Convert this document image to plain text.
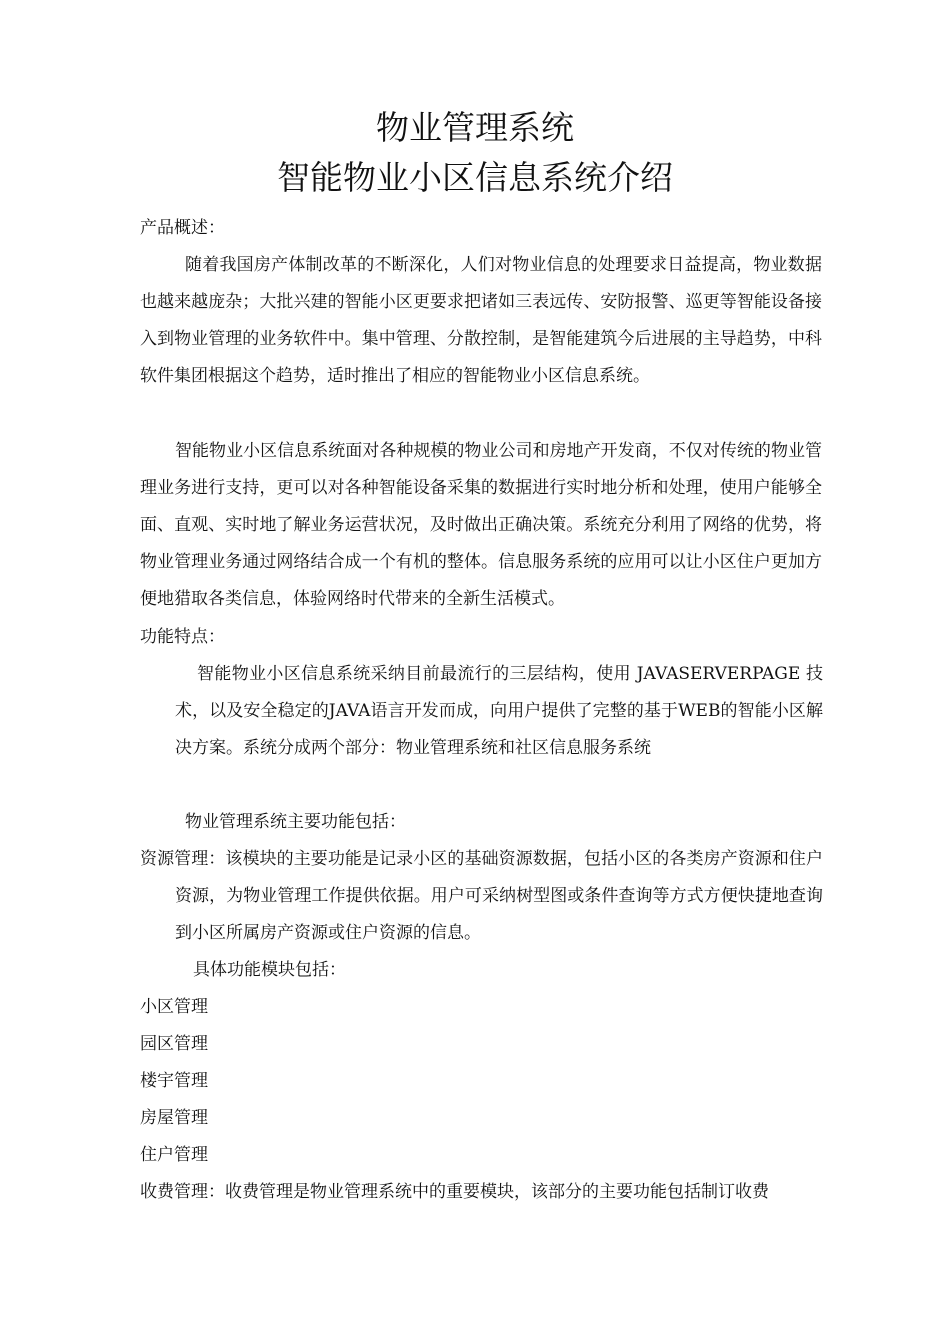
物业管理系统
智能物业小区信息系统介绍
产品概述：
随着我国房产体制改革的不断深化，人们对物业信息的处理要求日益提高，物业数据也越来越庞杂；大批兴建的智能小区更要求把诸如三表远传、安防报警、巡更等智能设备接入到物业管理的业务软件中。集中管理、分散控制，是智能建筑今后进展的主导趋势，中科软件集团根据这个趋势，适时推出了相应的智能物业小区信息系统。
智能物业小区信息系统面对各种规模的物业公司和房地产开发商，不仅对传统的物业管理业务进行支持，更可以对各种智能设备采集的数据进行实时地分析和处理，使用户能够全面、直观、实时地了解业务运营状况，及时做出正确决策。系统充分利用了网络的优势，将物业管理业务通过网络结合成一个有机的整体。信息服务系统的应用可以让小区住户更加方便地猎取各类信息，体验网络时代带来的全新生活模式。
功能特点：
智能物业小区信息系统采纳目前最流行的三层结构，使用 JAVASERVERPAGE 技术，以及安全稳定的JAVA语言开发而成，向用户提供了完整的基于WEB的智能小区解决方案。系统分成两个部分：物业管理系统和社区信息服务系统
物业管理系统主要功能包括：
资源管理：该模块的主要功能是记录小区的基础资源数据，包括小区的各类房产资源和住户资源，为物业管理工作提供依据。用户可采纳树型图或条件查询等方式方便快捷地查询到小区所属房产资源或住户资源的信息。
具体功能模块包括：
小区管理
园区管理
楼宇管理
房屋管理
住户管理
收费管理：收费管理是物业管理系统中的重要模块，该部分的主要功能包括制订收费
